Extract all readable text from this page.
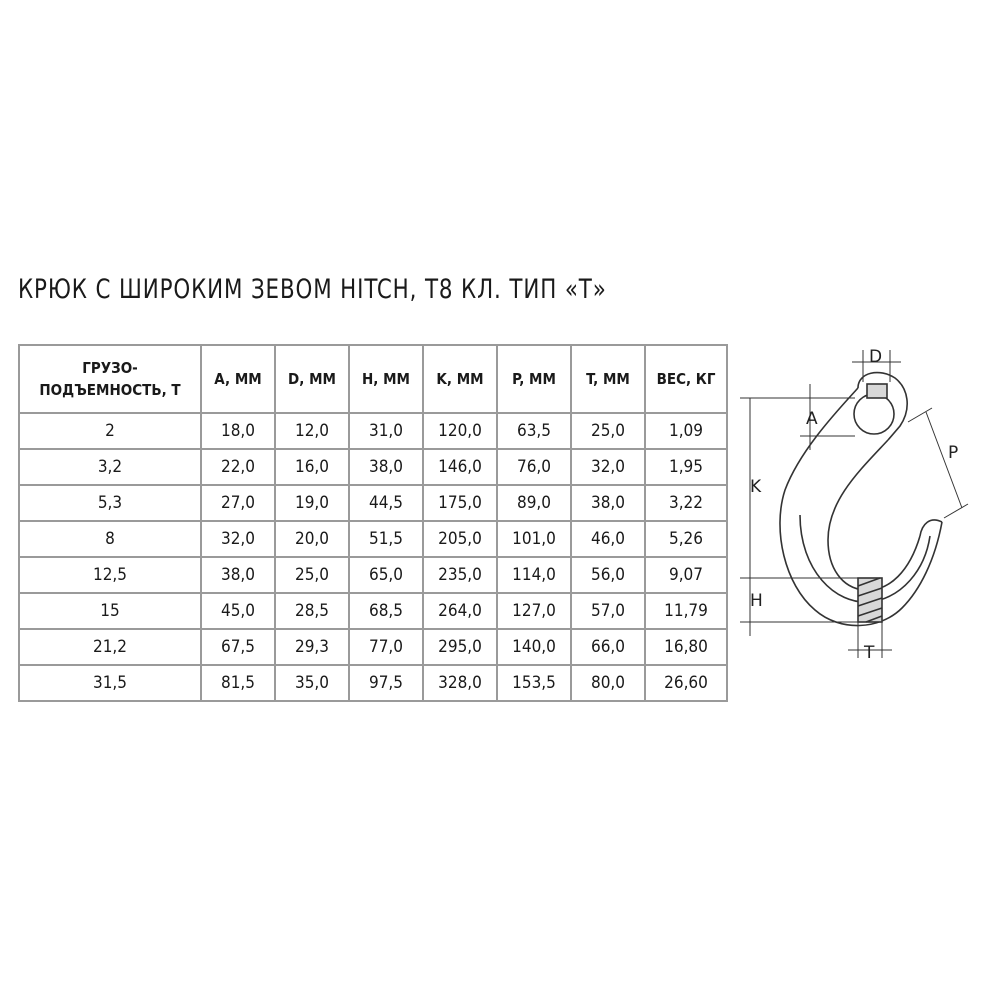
КРЮК С ШИРОКИМ ЗЕВОМ HITCH, Т8 КЛ. ТИП «Т»
ГРУЗО-
ПОДЪЕМНОСТЬ, Т	A, ММ	D, ММ	H, ММ	K, ММ	P, ММ	T, ММ	ВЕС, КГ
2	18,0	12,0	31,0	120,0	63,5	25,0	1,09
3,2	22,0	16,0	38,0	146,0	76,0	32,0	1,95
5,3	27,0	19,0	44,5	175,0	89,0	38,0	3,22
8	32,0	20,0	51,5	205,0	101,0	46,0	5,26
12,5	38,0	25,0	65,0	235,0	114,0	56,0	9,07
15	45,0	28,5	68,5	264,0	127,0	57,0	11,79
21,2	67,5	29,3	77,0	295,0	140,0	66,0	16,80
31,5	81,5	35,0	97,5	328,0	153,5	80,0	26,60
D
A
P
K
H
T
